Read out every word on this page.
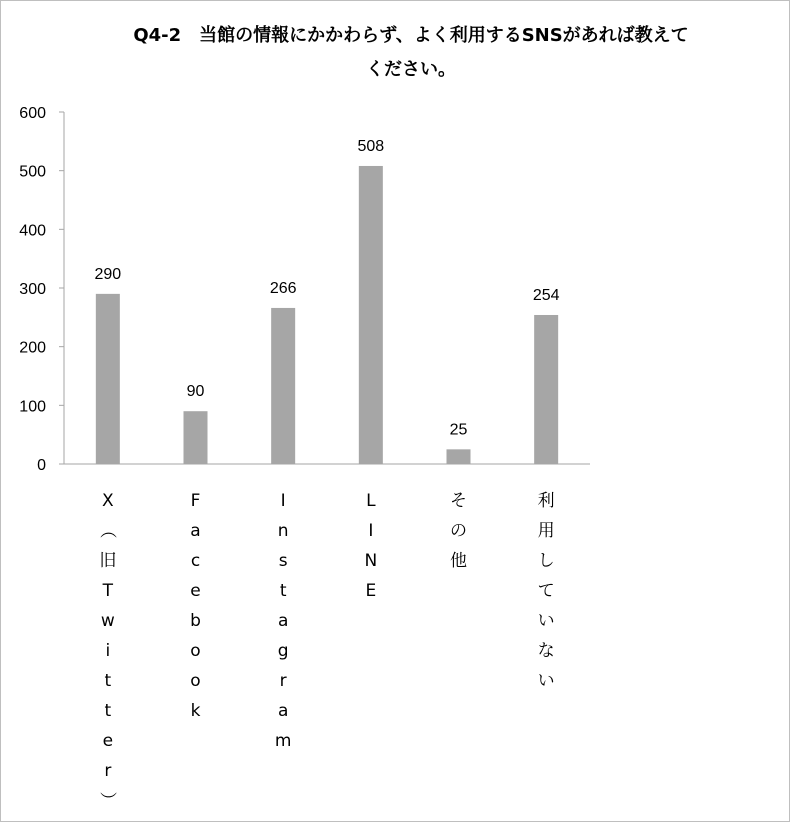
Q4-2　当館の情報にかかわらず、よく利用するSNSがあれば教えて
ください。
0
100
200
300
400
500
600
290
X
（
旧
T
w
i
t
t
e
r
）
90
F
a
c
e
b
o
o
k
266
I
n
s
t
a
g
r
a
m
508
L
I
N
E
25
そ
の
他
254
利
用
し
て
い
な
い
